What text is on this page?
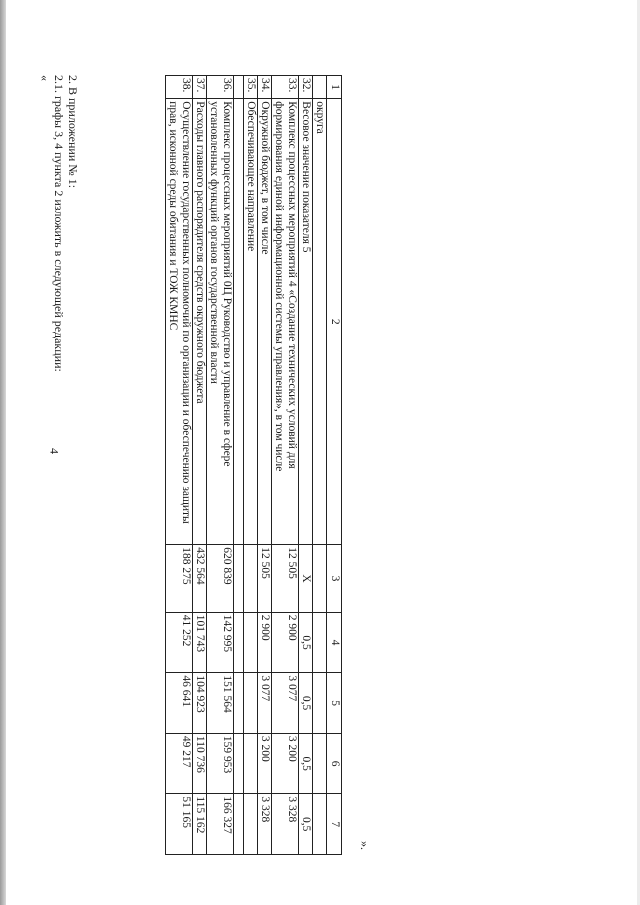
4
».
1	2	3	4	5	6	7
	округа					
32.	Весовое значение показателя 5	X	0,5	0,5	0,5	0,5
33.	Комплекс процессных мероприятий 4 «Создание технических условий для формирования единой информационной системы управления», в том числе	12 505	2 900	3 077	3 200	3 328
34.	Окружной бюджет, в том числе	12 505	2 900	3 077	3 200	3 328
35.	Обеспечивающее направление					

36.	Комплекс процессных мероприятий 0Ц Руководство и управление в сфере установленных функций органов государственной власти	620 839	142 995	151 564	159 953	166 327
37.	Расходы главного распорядителя средств окружного бюджета	432 564	101 743	104 923	110 736	115 162
38.	Осуществление государственных полномочий по организации и обеспечению защиты прав, исконной среды обитания и ТОЖ КМНС	188 275	41 252	46 641	49 217	51 165
2. В приложении № 1:
2.1. графы 3, 4 пункта 2 изложить в следующей редакции:
«
